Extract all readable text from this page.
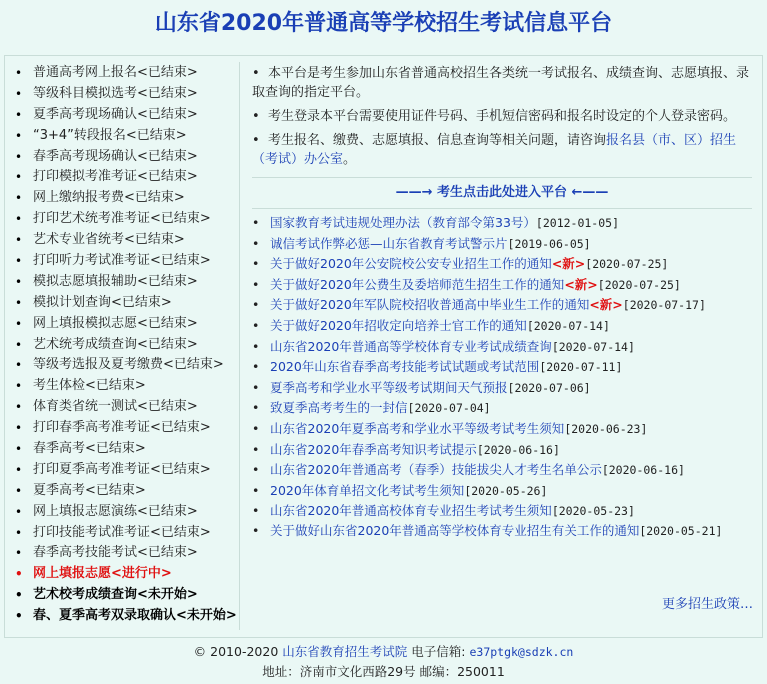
山东省2020年普通高等学校招生考试信息平台
• 普通高考网上报名<已结束>
• 等级科目模拟选考<已结束>
• 夏季高考现场确认<已结束>
• “3+4”转段报名<已结束>
• 春季高考现场确认<已结束>
• 打印模拟考准考证<已结束>
• 网上缴纳报考费<已结束>
• 打印艺术统考准考证<已结束>
• 艺术专业省统考<已结束>
• 打印听力考试准考证<已结束>
• 模拟志愿填报辅助<已结束>
• 模拟计划查询<已结束>
• 网上填报模拟志愿<已结束>
• 艺术统考成绩查询<已结束>
• 等级考选报及夏考缴费<已结束>
• 考生体检<已结束>
• 体育类省统一测试<已结束>
• 打印春季高考准考证<已结束>
• 春季高考<已结束>
• 打印夏季高考准考证<已结束>
• 夏季高考<已结束>
• 网上填报志愿演练<已结束>
• 打印技能考试准考证<已结束>
• 春季高考技能考试<已结束>
• 网上填报志愿<进行中>
• 艺术校考成绩查询<未开始>
• 春、夏季高考双录取确认<未开始>

• 本平台是考生参加山东省普通高校招生各类统一考试报名、成绩查询、志愿填报、录取查询的指定平台。

• 考生登录本平台需要使用证件号码、手机短信密码和报名时设定的个人登录密码。

• 考生报名、缴费、志愿填报、信息查询等相关问题，请咨询报名县（市、区）招生（考试）办公室。

——→ 考生点击此处进入平台 ←——
• 国家教育考试违规处理办法（教育部令第33号）[2012-01-05]
• 诚信考试作弊必惩—山东省教育考试警示片[2019-06-05]
• 关于做好2020年公安院校公安专业招生工作的通知<新>[2020-07-25]
• 关于做好2020年公费生及委培师范生招生工作的通知<新>[2020-07-25]
• 关于做好2020年军队院校招收普通高中毕业生工作的通知<新>[2020-07-17]
• 关于做好2020年招收定向培养士官工作的通知[2020-07-14]
• 山东省2020年普通高等学校体育专业考试成绩查询[2020-07-14]
• 2020年山东省春季高考技能考试试题或考试范围[2020-07-11]
• 夏季高考和学业水平等级考试期间天气预报[2020-07-06]
• 致夏季高考考生的一封信[2020-07-04]
• 山东省2020年夏季高考和学业水平等级考试考生须知[2020-06-23]
• 山东省2020年春季高考知识考试提示[2020-06-16]
• 山东省2020年普通高考（春季）技能拔尖人才考生名单公示[2020-06-16]
• 2020年体育单招文化考试考生须知[2020-05-26]
• 山东省2020年普通高校体育专业招生考试考生须知[2020-05-23]
• 关于做好山东省2020年普通高等学校体育专业招生有关工作的通知[2020-05-21]
更多招生政策…
© 2010-2020 山东省教育招生考试院 电子信箱: e37ptgk@sdzk.cn
地址：济南市文化西路29号 邮编：250011
